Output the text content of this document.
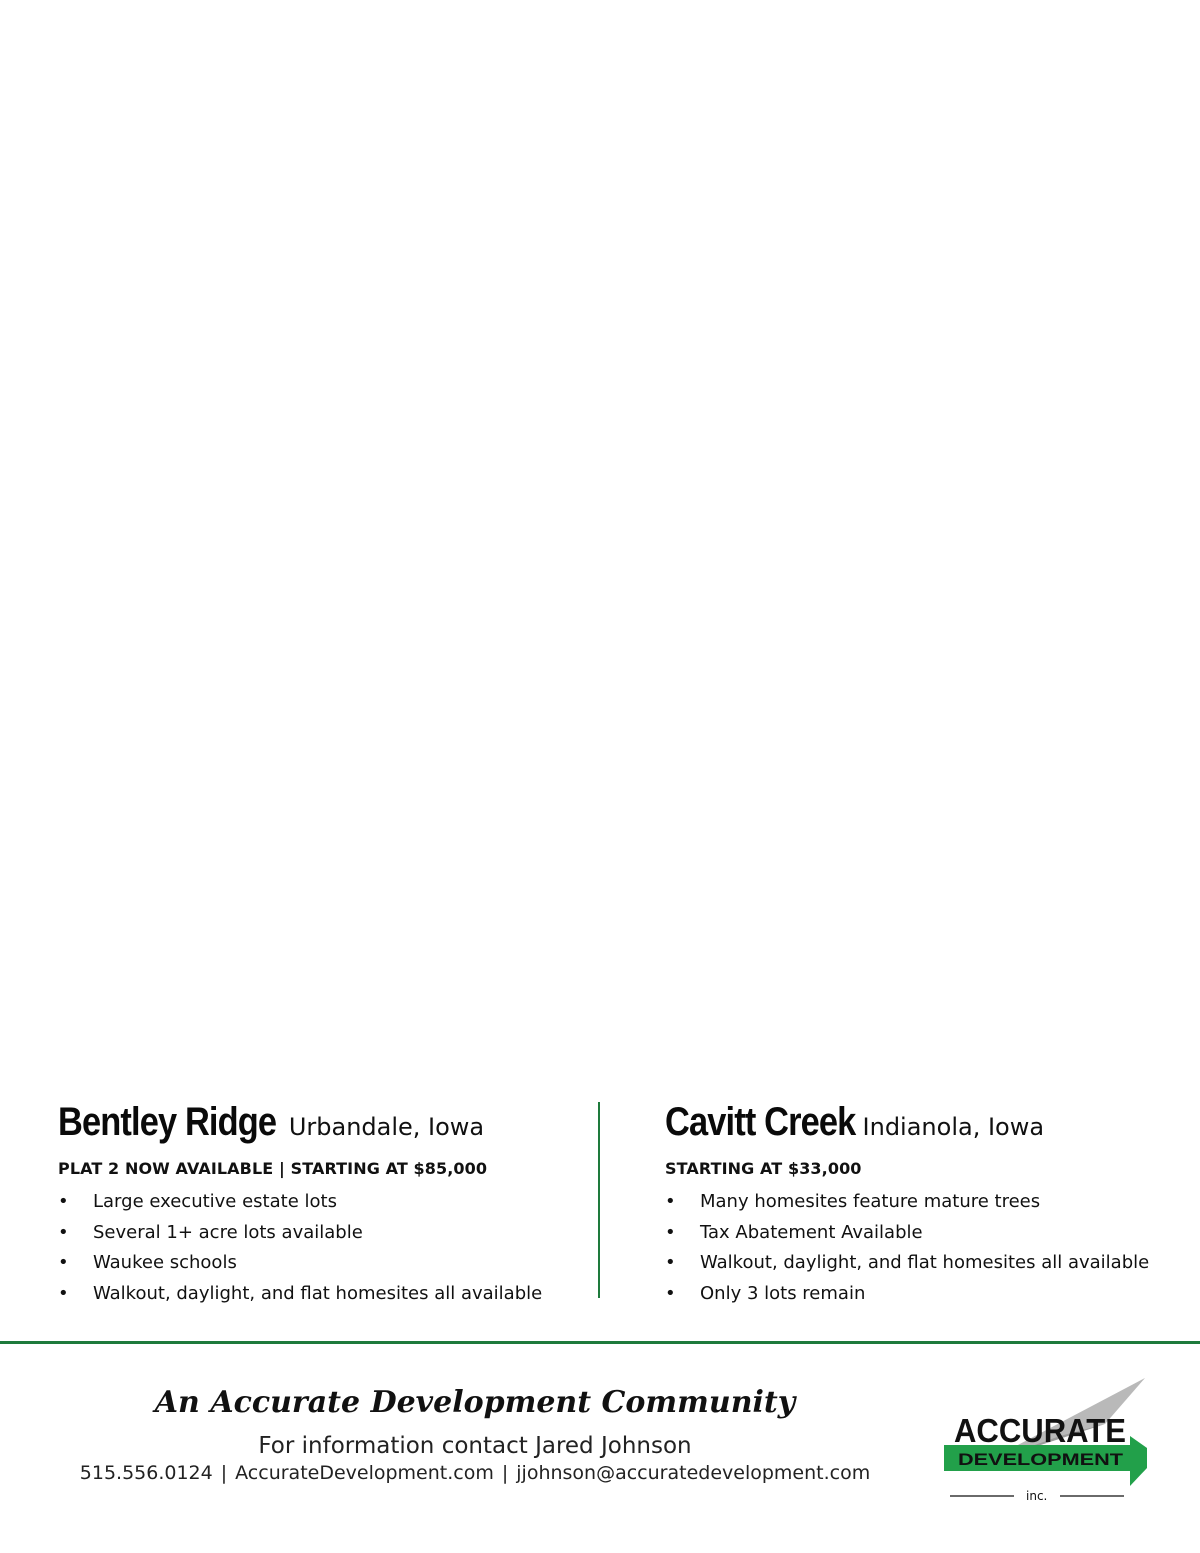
Bentley Ridge Urbandale, Iowa
PLAT 2 NOW AVAILABLE | STARTING AT $85,000
• Large executive estate lots
• Several 1+ acre lots available
• Waukee schools
• Walkout, daylight, and flat homesites all available
Cavitt Creek Indianola, Iowa
STARTING AT $33,000
• Many homesites feature mature trees
• Tax Abatement Available
• Walkout, daylight, and flat homesites all available
• Only 3 lots remain
An Accurate Development Community
For information contact Jared Johnson
515.556.0124 | AccurateDevelopment.com | jjohnson@accuratedevelopment.com
ACCURATE
DEVELOPMENT
inc.
